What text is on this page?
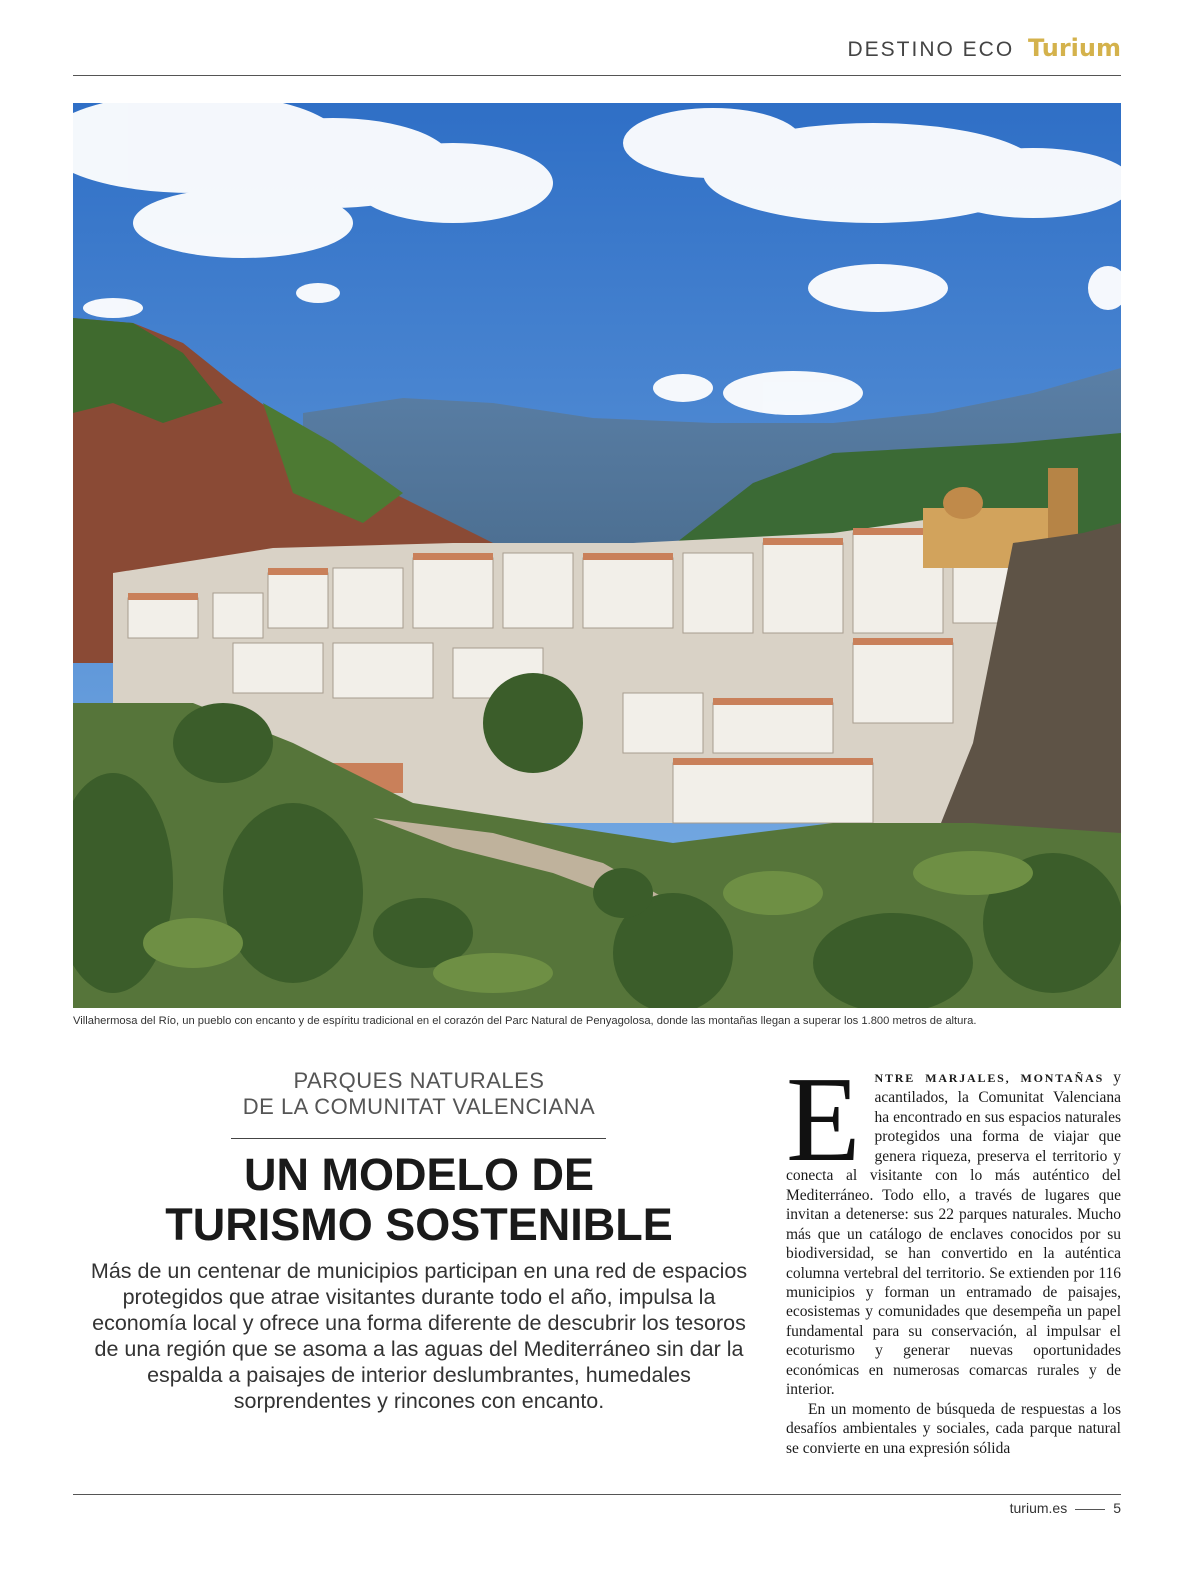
DESTINO ECO Turium
Villahermosa del Río, un pueblo con encanto y de espíritu tradicional en el corazón del Parc Natural de Penyagolosa, donde las montañas llegan a superar los 1.800 metros de altura.
PARQUES NATURALES
DE LA COMUNITAT VALENCIANA
UN MODELO DE
TURISMO SOSTENIBLE
Más de un centenar de municipios participan en una red de espacios protegidos que atrae visitantes durante todo el año, impulsa la economía local y ofrece una forma diferente de descubrir los tesoros de una región que se asoma a las aguas del Mediterráneo sin dar la espalda a paisajes de interior deslumbrantes, humedales sorprendentes y rincones con encanto.
E	NTRE MARJALES, MONTAÑAS y acantilados, la Comunitat Valenciana ha encontrado en sus espacios naturales protegidos una forma de viajar que genera riqueza, preserva el territorio y conecta al visitante con lo más auténtico del Mediterráneo. Todo ello, a través de lugares que invitan a detenerse: sus 22 parques naturales. Mucho más que un catálogo de enclaves conocidos por su biodiversidad, se han convertido en la auténtica columna vertebral del territorio. Se extienden por 116 municipios y forman un entramado de paisajes, ecosistemas y comunidades que desempeña un papel fundamental para su conservación, al impulsar el ecoturismo y generar nuevas oportunidades económicas en numerosas comarcas rurales y de interior.

En un momento de búsqueda de respuestas a los desafíos ambientales y sociales, cada parque natural se convierte en una expresión sólida

turium.es	5
